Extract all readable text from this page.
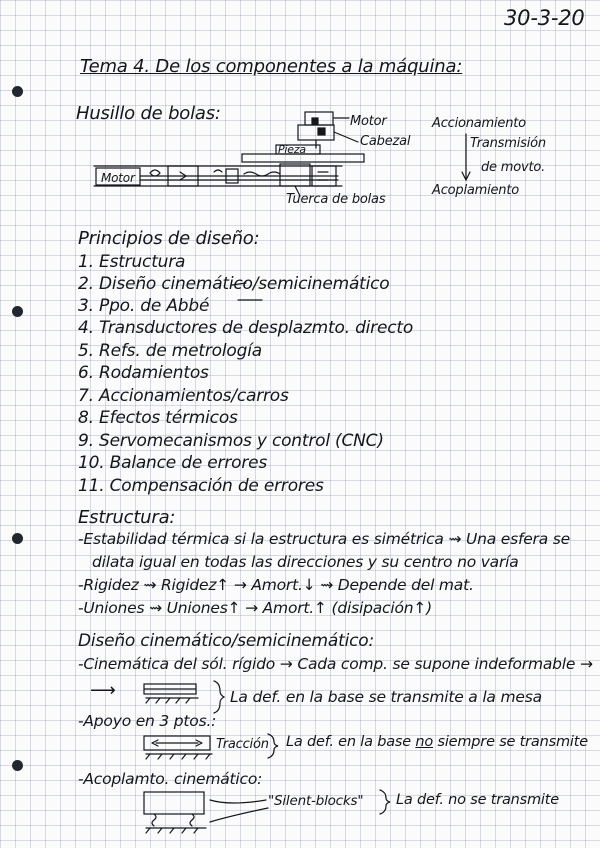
30-3-20
Tema 4. De los componentes a la máquina:
Husillo de bolas:	Motor
Cabezal
Pieza
Motor
Tuerca de bolas
Accionamiento
Transmisión
de movto.
Acoplamiento
Principios de diseño:
1. Estructura
2. Diseño cinemático/semicinemático
3. Ppo. de Abbé
4. Transductores de desplazmto. directo
5. Refs. de metrología
6. Rodamientos
7. Accionamientos/carros
8. Efectos térmicos
9. Servomecanismos y control (CNC)
10. Balance de errores
11. Compensación de errores
Estructura:
-Estabilidad térmica si la estructura es simétrica ⇝ Una esfera se
dilata igual en todas las direcciones y su centro no varía
-Rigidez ⇝ Rigidez↑ → Amort.↓ ⇝ Depende del mat.
-Uniones ⇝ Uniones↑ → Amort.↑ (disipación↑)
Diseño cinemático/semicinemático:
-Cinemática del sól. rígido → Cada comp. se supone indeformable →
⟶	La def. en la base se transmite a la mesa
-Apoyo en 3 ptos.:
Tracción La def. en la base no siempre se transmite
-Acoplamto. cinemático:
"Silent-blocks" La def. no se transmite
